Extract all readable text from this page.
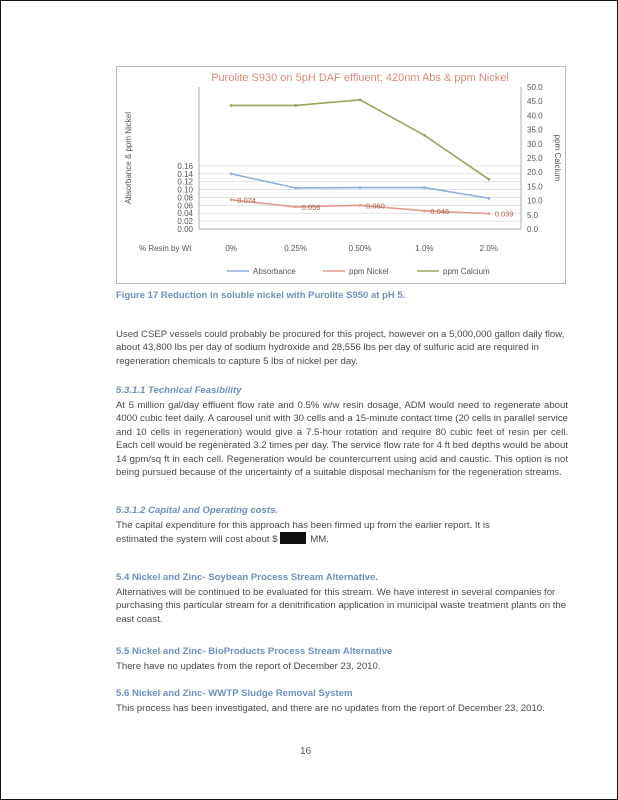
Purolite S930 on 5pH DAF effluent; 420nm Abs & ppm Nickel
0.00
0.02
0.04
0.06
0.08
0.10
0.12
0.14
0.16
0.0
5.0
10.0
15.0
20.0
25.0
30.0
35.0
40.0
45.0
50.0
Absorbance & ppm Nickel	ppm Calcium
% Resin by Wt	0%	0.25%	0.50%	1.0%	2.0%
0.074
0.056	0.060
0.046	0.039
Absorbance	ppm Nickel	ppm Calcium
Figure 17 Reduction in soluble nickel with Purolite S950 at pH 5.
Used CSEP vessels could probably be procured for this project, however on a 5,000,000 gallon daily flow, about 43,800 lbs per day of sodium hydroxide and 28,556 lbs per day of sulfuric acid are required in regeneration chemicals to capture 5 lbs of nickel per day.
5.3.1.1 Technical Feasibility
At 5 million gal/day effluent flow rate and 0.5% w/w resin dosage, ADM would need to regenerate about 4000 cubic feet daily. A carousel unit with 30 cells and a 15-minute contact time (20 cells in parallel service and 10 cells in regeneration) would give a 7.5-hour rotation and require 80 cubic feet of resin per cell. Each cell would be regenerated 3.2 times per day. The service flow rate for 4 ft bed depths would be about 14 gpm/sq ft in each cell. Regeneration would be countercurrent using acid and caustic. This option is not being pursued because of the uncertainty of a suitable disposal mechanism for the regeneration streams.
5.3.1.2 Capital and Operating costs.
The capital expenditure for this approach has been firmed up from the earlier report. It is estimated the system will cost about $	MM.
5.4 Nickel and Zinc- Soybean Process Stream Alternative.
Alternatives will be continued to be evaluated for this stream. We have interest in several companies for purchasing this particular stream for a denitrification application in municipal waste treatment plants on the east coast.
5.5 Nickel and Zinc- BioProducts Process Stream Alternative
There have no updates from the report of December 23, 2010.
5.6 Nickel and Zinc- WWTP Sludge Removal System
This process has been investigated, and there are no updates from the report of December 23, 2010.
16
